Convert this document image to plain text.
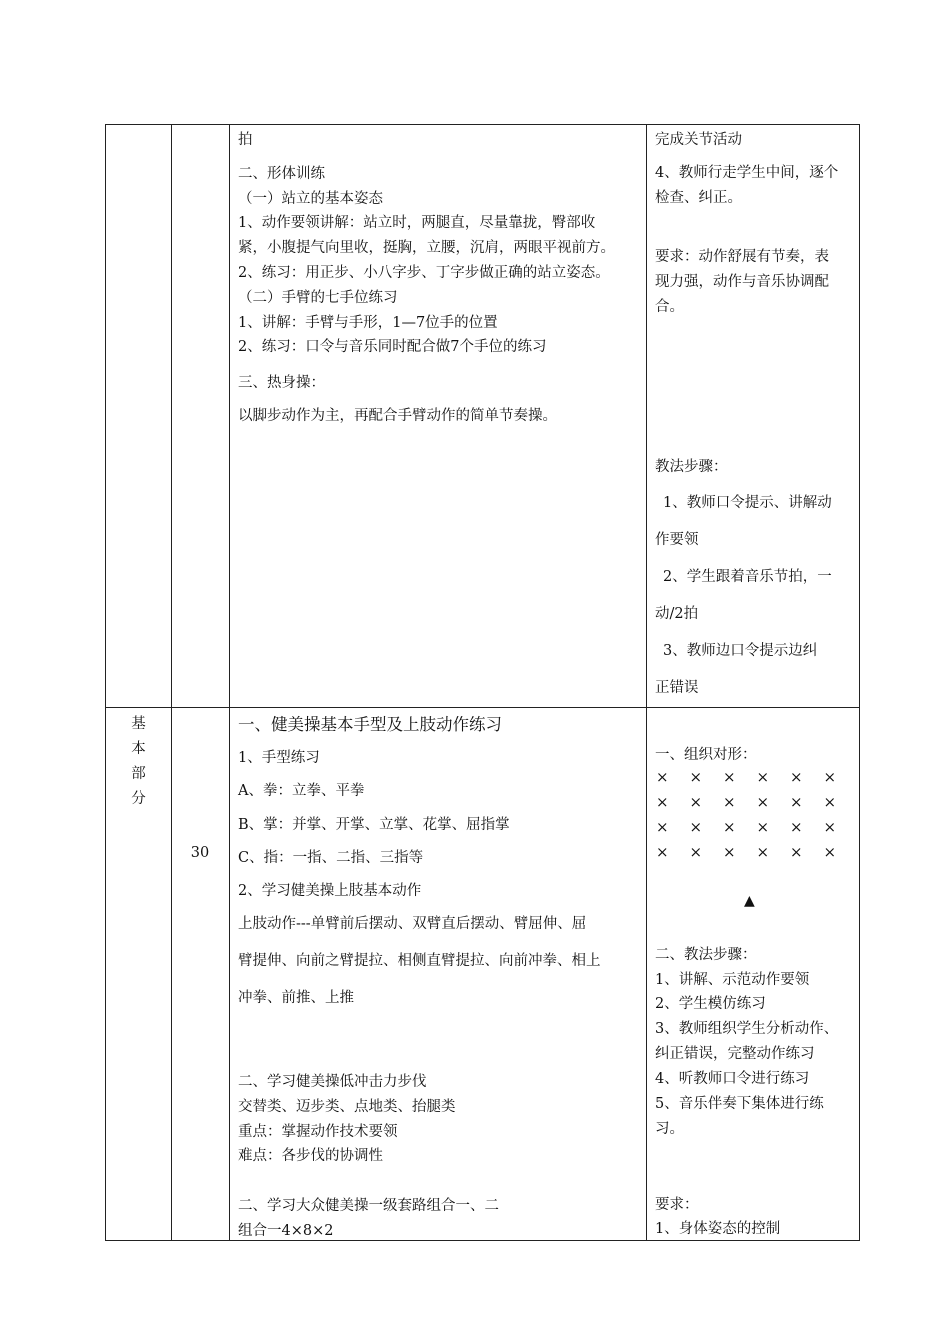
拍
二、形体训练
（一）站立的基本姿态
1、动作要领讲解：站立时，两腿直，尽量靠拢，臀部收
紧，小腹提气向里收，挺胸，立腰，沉肩，两眼平视前方。
2、练习：用正步、小八字步、丁字步做正确的站立姿态。
（二）手臂的七手位练习
1、讲解：手臂与手形，1—7位手的位置
2、练习：口令与音乐同时配合做7个手位的练习
三、热身操：
以脚步动作为主，再配合手臂动作的简单节奏操。
完成关节活动
4、教师行走学生中间，逐个
检查、纠正。
要求：动作舒展有节奏，表
现力强，动作与音乐协调配
合。
教法步骤：
1、教师口令提示、讲解动
作要领
2、学生跟着音乐节拍，一
动/2拍
3、教师边口令提示边纠
正错误
基
本
部
分
30
一、健美操基本手型及上肢动作练习
1、手型练习
A、拳：立拳、平拳
B、掌：并掌、开掌、立掌、花掌、屈指掌
C、指：一指、二指、三指等
2、学习健美操上肢基本动作
上肢动作---单臂前后摆动、双臂直后摆动、臂屈伸、屈
臂提伸、向前之臂提拉、相侧直臂提拉、向前冲拳、相上
冲拳、前推、上推
二、学习健美操低冲击力步伐
交替类、迈步类、点地类、抬腿类
重点：掌握动作技术要领
难点：各步伐的协调性
二、学习大众健美操一级套路组合一、二
组合一4×8×2
一、组织对形：
× × × × × ×
× × × × × ×
× × × × × ×
× × × × × ×
▲
二、教法步骤：
1、讲解、示范动作要领
2、学生模仿练习
3、教师组织学生分析动作、
纠正错误，完整动作练习
4、听教师口令进行练习
5、音乐伴奏下集体进行练
习。
要求：
1、身体姿态的控制
